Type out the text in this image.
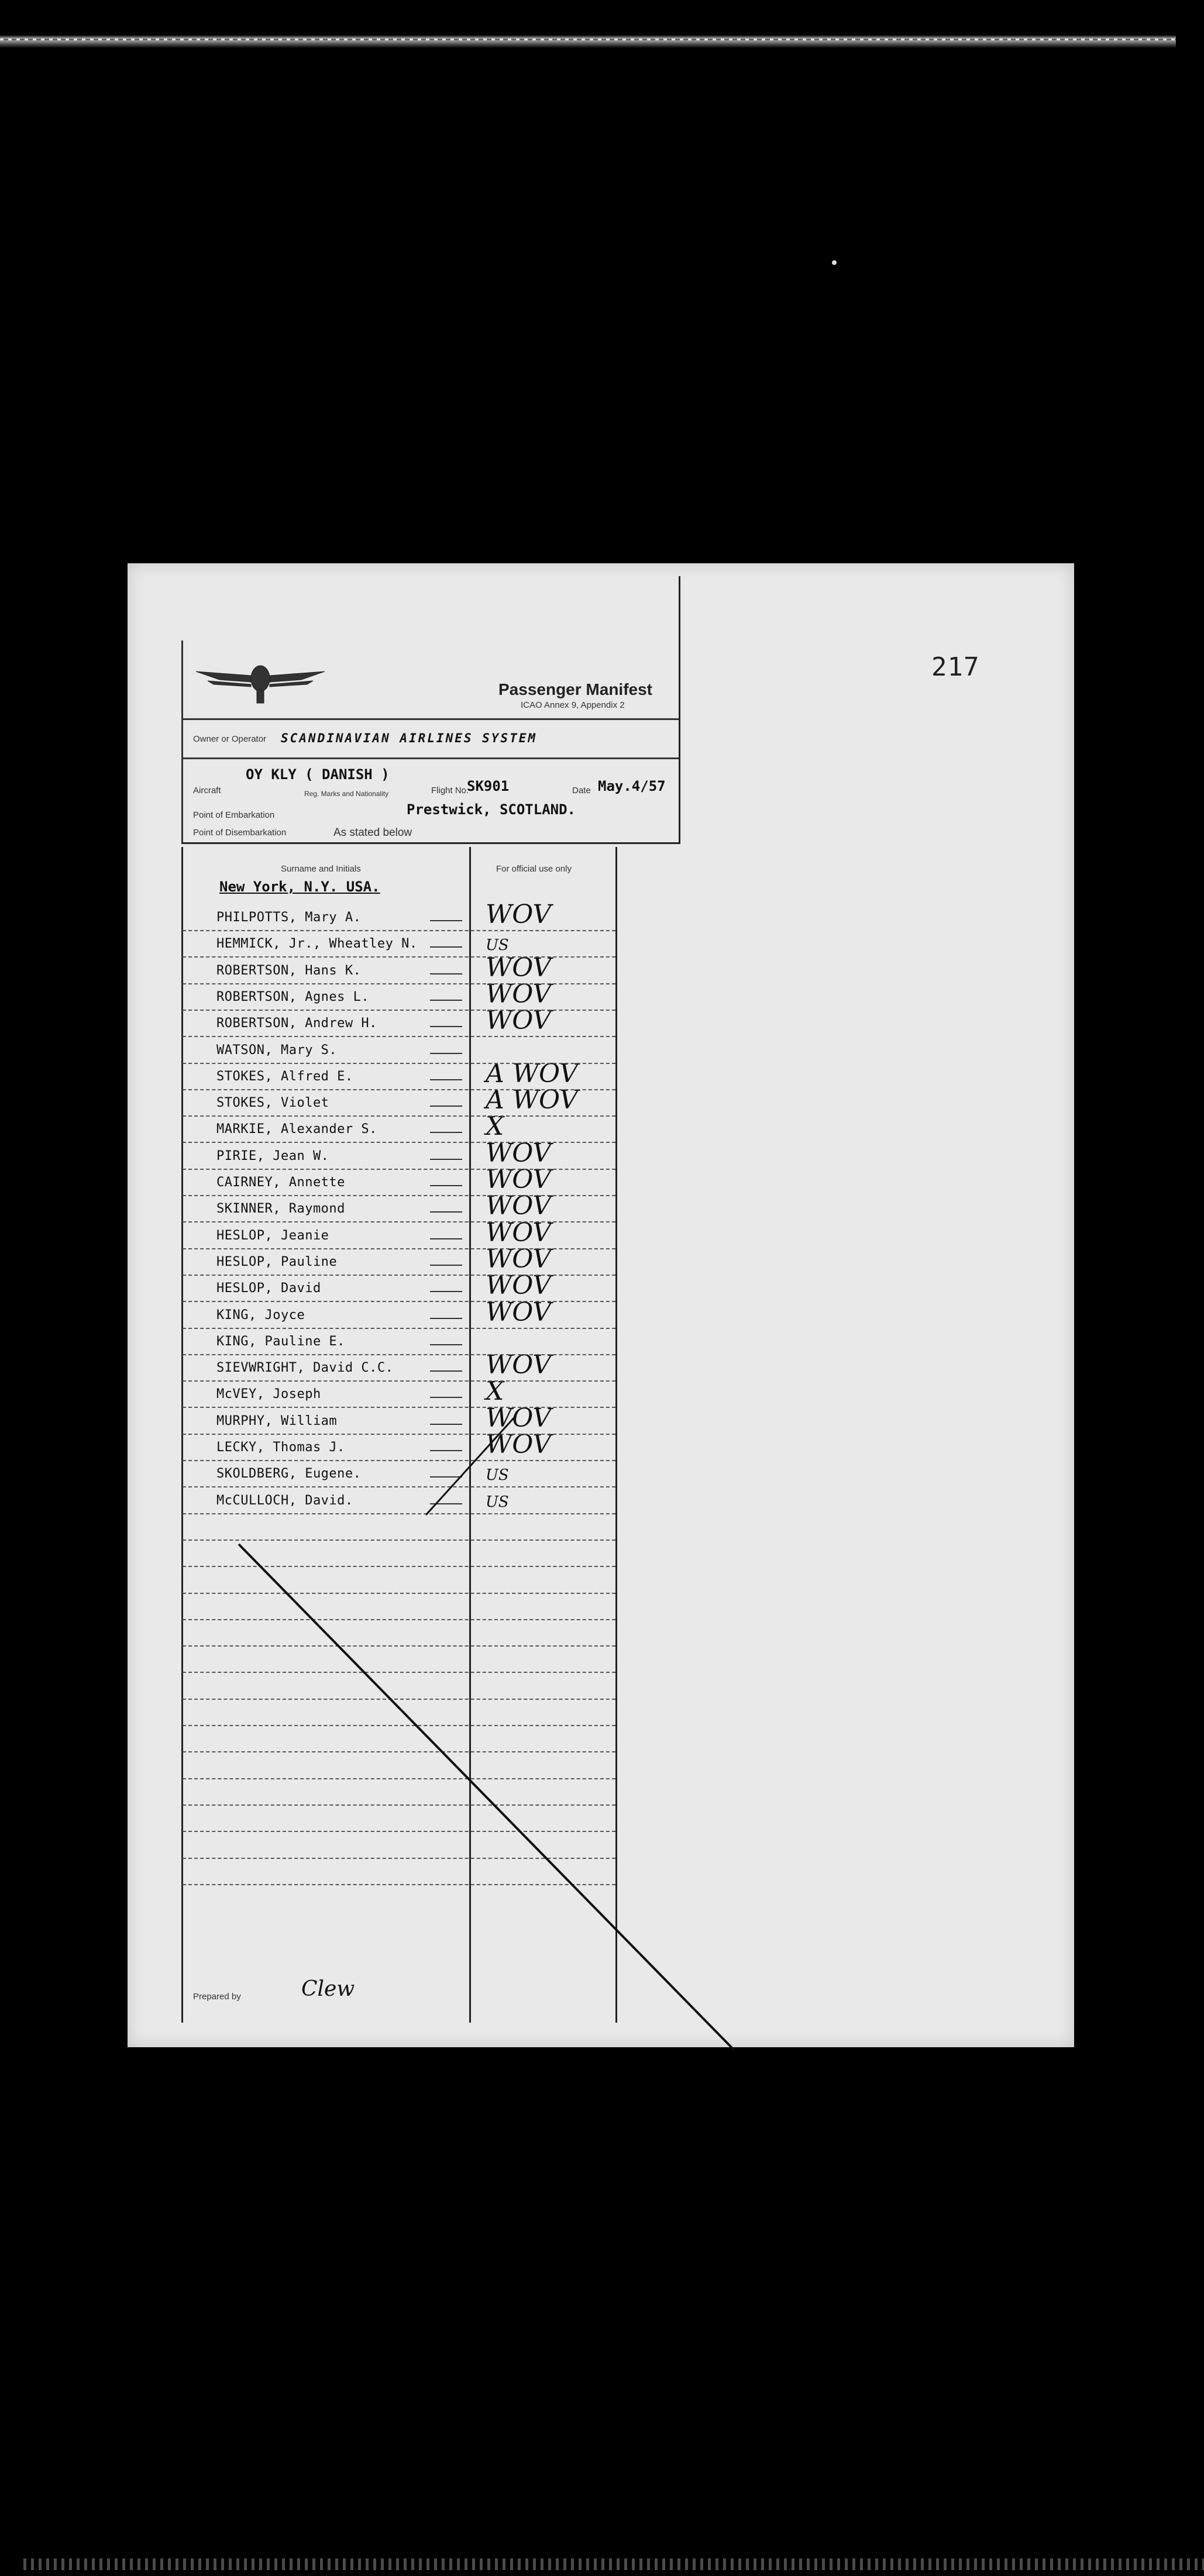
217
Passenger Manifest
ICAO Annex 9, Appendix 2
Owner or Operator SCANDINAVIAN AIRLINES SYSTEM
Aircraft
OY KLY ( DANISH )
Reg. Marks and Nationality	Flight No.
SK901	Date May.4/57
Point of Embarkation	Prestwick, SCOTLAND.
Point of Disembarkation	As stated below
Surname and Initials	For official use only
New York, N.Y. USA.
PHILPOTTS, Mary A.	WOV
HEMMICK, Jr., Wheatley N.	US
ROBERTSON, Hans K.	WOV
ROBERTSON, Agnes L.	WOV
ROBERTSON, Andrew H.	WOV
WATSON, Mary S.
STOKES, Alfred E.	A WOV
STOKES, Violet	A WOV
MARKIE, Alexander S.	X
PIRIE, Jean W.	WOV
CAIRNEY, Annette	WOV
SKINNER, Raymond	WOV
HESLOP, Jeanie	WOV
HESLOP, Pauline	WOV
HESLOP, David	WOV
KING, Joyce	WOV
KING, Pauline E.
SIEVWRIGHT, David C.C.	WOV
McVEY, Joseph	X
MURPHY, William	WOV
LECKY, Thomas J.	WOV
SKOLDBERG, Eugene.	US
McCULLOCH, David.	US
Prepared by	Clew
